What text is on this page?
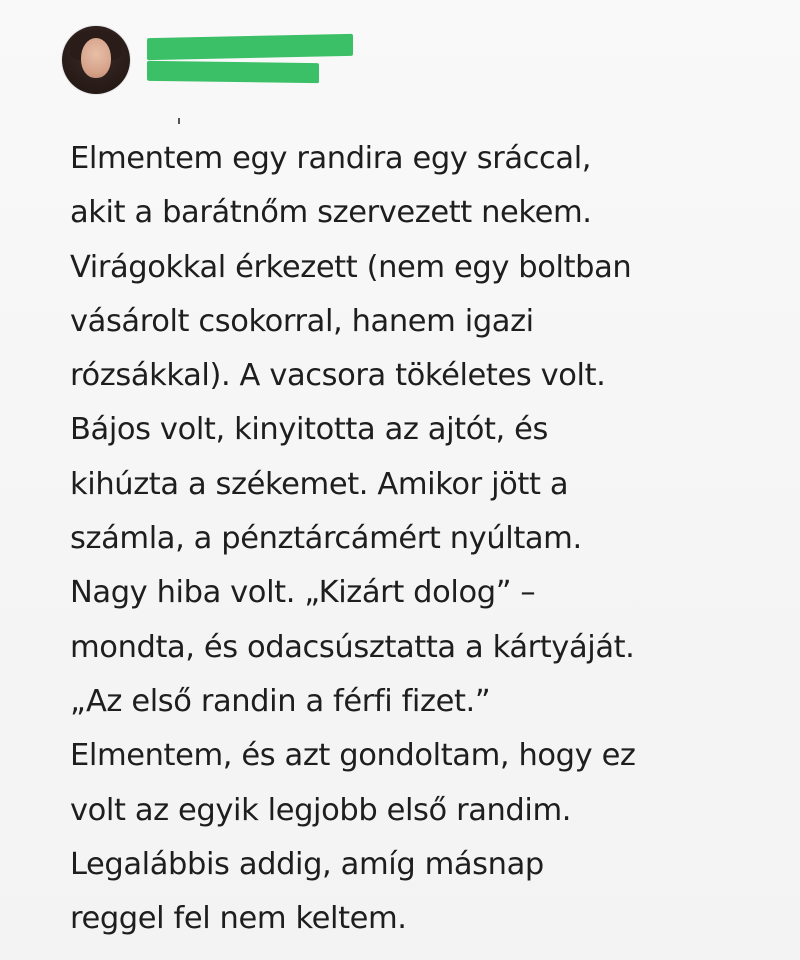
Elmentem egy randira egy sráccal,
akit a barátnőm szervezett nekem.
Virágokkal érkezett (nem egy boltban
vásárolt csokorral, hanem igazi
rózsákkal). A vacsora tökéletes volt.
Bájos volt, kinyitotta az ajtót, és
kihúzta a székemet. Amikor jött a
számla, a pénztárcámért nyúltam.
Nagy hiba volt. „Kizárt dolog” –
mondta, és odacsúsztatta a kártyáját.
„Az első randin a férfi fizet.”
Elmentem, és azt gondoltam, hogy ez
volt az egyik legjobb első randim.
Legalábbis addig, amíg másnap
reggel fel nem keltem.
